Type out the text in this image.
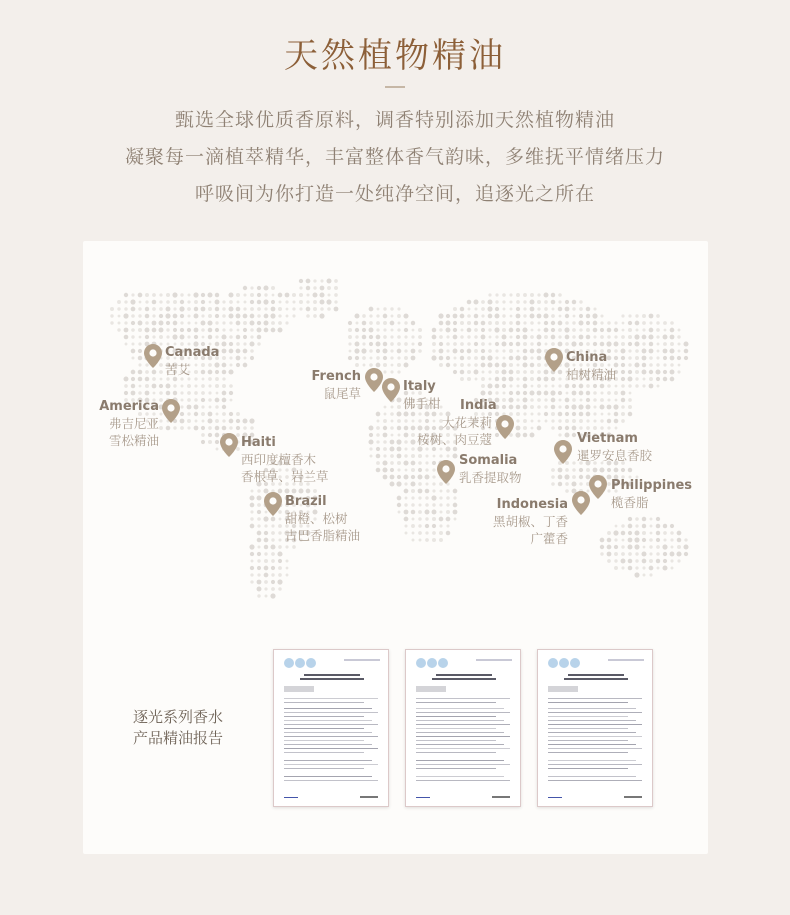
天然植物精油

甄选全球优质香原料，调香特别添加天然植物精油

凝聚每一滴植萃精华，丰富整体香气韵味，多维抚平情绪压力

呼吸间为你打造一处纯净空间，追逐光之所在

Canada
苦艾
America
弗吉尼亚
雪松精油	Haiti
西印度檀香木
香根草、岩兰草
Brazil
甜橙、松树
古巴香脂精油
French
鼠尾草	Italy
佛手柑	India
大花茉莉
桉树、肉豆蔻
Somalia
乳香提取物
China
柏树精油
Vietnam
暹罗安息香胶
Philippines
榄香脂
Indonesia
黑胡椒、丁香
广藿香
逐光系列香水
产品精油报告
